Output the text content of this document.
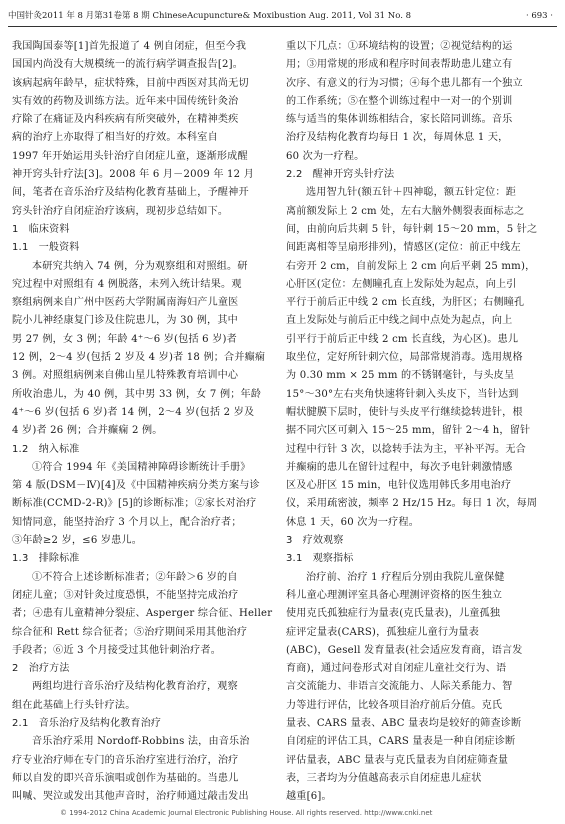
中国针灸2011 年 8 月第31卷第 8 期 ChineseAcupuncture& Moxibustion Aug. 2011, Vol 31 No. 8	· 693 ·
我国陶国泰等[1]首先报道了 4 例自闭症，但至今我
国国内尚没有大规模统一的流行病学调查报告[2]。
该病起病年龄早，症状特殊，目前中西医对其尚无切
实有效的药物及训练方法。近年来中国传统针灸治
疗除了在痛证及内科疾病有所突破外，在精神类疾
病的治疗上亦取得了相当好的疗效。本科室自
1997 年开始运用头针治疗自闭症儿童，逐渐形成醒
神开窍头针疗法[3]。2008 年 6 月－2009 年 12 月
间，笔者在音乐治疗及结构化教育基础上，予醒神开
窍头针治疗自闭症治疗该病，现初步总结如下。
1　临床资料
1.1　一般资料
本研究共纳入 74 例，分为观察组和对照组。研
究过程中对照组有 4 例脱落，未列入统计结果。观
察组病例来自广州中医药大学附属南海妇产儿童医
院小儿神经康复门诊及住院患儿，为 30 例，其中
男 27 例，女 3 例；年龄 4⁺～6 岁(包括 6 岁)者
12 例，2～4 岁(包括 2 岁及 4 岁)者 18 例；合并癫痫
3 例。对照组病例来自佛山星儿特殊教育培训中心
所收治患儿，为 40 例，其中男 33 例，女 7 例；年龄
4⁺～6 岁(包括 6 岁)者 14 例，2～4 岁(包括 2 岁及
4 岁)者 26 例；合并癫痫 2 例。
1.2　纳入标准
①符合 1994 年《美国精神障碍诊断统计手册》
第 4 版(DSM－Ⅳ)[4]及《中国精神疾病分类方案与诊
断标准(CCMD-2-R)》[5]的诊断标准；②家长对治疗
知情同意，能坚持治疗 3 个月以上，配合治疗者；
③年龄≥2 岁，≤6 岁患儿。
1.3　排除标准
①不符合上述诊断标准者；②年龄＞6 岁的自
闭症儿童；③对针灸过度恐惧，不能坚持完成治疗
者；④患有儿童精神分裂症、Asperger 综合征、Heller
综合征和 Rett 综合征者；⑤治疗期间采用其他治疗
手段者；⑥近 3 个月接受过其他针刺治疗者。
2　治疗方法
两组均进行音乐治疗及结构化教育治疗，观察
组在此基础上行头针疗法。
2.1　音乐治疗及结构化教育治疗
音乐治疗采用 Nordoff-Robbins 法，由音乐治
疗专业治疗师在专门的音乐治疗室进行治疗，治疗
师以自发的即兴音乐演唱或创作为基础的。当患儿
叫喊、哭泣或发出其他声音时，治疗师通过敲击发出
重以下几点：①环境结构的设置；②视觉结构的运
用；③用常规的形成和程序时间表帮助患儿建立有
次序、有意义的行为习惯；④每个患儿都有一个独立
的工作系统；⑤在整个训练过程中一对一的个别训
练与适当的集体训练相结合，家长陪同训练。音乐
治疗及结构化教育均每日 1 次，每周休息 1 天，
60 次为一疗程。
2.2　醒神开窍头针疗法
选用智九针(额五针＋四神聪，额五针定位：距
离前额发际上 2 cm 处，左右大脑外侧裂表面标志之
间，由前向后共刺 5 针，每针刺 15～20 mm，5 针之
间距离相等呈扇形排列)，情感区(定位：前正中线左
右旁开 2 cm，自前发际上 2 cm 向后平刺 25 mm)，
心肝区(定位：左侧瞳孔直上发际处为起点，向上引
平行于前后正中线 2 cm 长直线，为肝区；右侧瞳孔
直上发际处与前后正中线之间中点处为起点，向上
引平行于前后正中线 2 cm 长直线，为心区)。患儿
取坐位，定好所针刺穴位，局部常规消毒。选用规格
为 0.30 mm × 25 mm 的不锈钢毫针，与头皮呈
15°～30°左右夹角快速将针刺入头皮下，当针达到
帽状腱膜下层时，使针与头皮平行继续捻转进针，根
据不同穴区可刺入 15～25 mm，留针 2～4 h，留针
过程中行针 3 次，以捻转手法为主，平补平泻。无合
并癫痫的患儿在留针过程中，每次予电针刺激情感
区及心肝区 15 min，电针仪选用韩氏多用电治疗
仪，采用疏密波，频率 2 Hz/15 Hz。每日 1 次，每周
休息 1 天，60 次为一疗程。
3　疗效观察
3.1　观察指标
治疗前、治疗 1 疗程后分别由我院儿童保健
科儿童心理测评室具备心理测评资格的医生独立
使用克氏孤独症行为量表(克氏量表)，儿童孤独
症评定量表(CARS)，孤独症儿童行为量表
(ABC)，Gesell 发育量表(社会适应发育商，语言发
育商)，通过问卷形式对自闭症儿童社交行为、语
言交流能力、非语言交流能力、人际关系能力、智
力等进行评估，比较各项目治疗前后分值。克氏
量表、CARS 量表、ABC 量表均是较好的筛查诊断
自闭症的评估工具，CARS 量表是一种自闭症诊断
评估量表，ABC 量表与克氏量表为自闭症筛查量
表，三者均为分值越高表示自闭症患儿症状
越重[6]。
© 1994-2012 China Academic Journal Electronic Publishing House. All rights reserved. http://www.cnki.net
